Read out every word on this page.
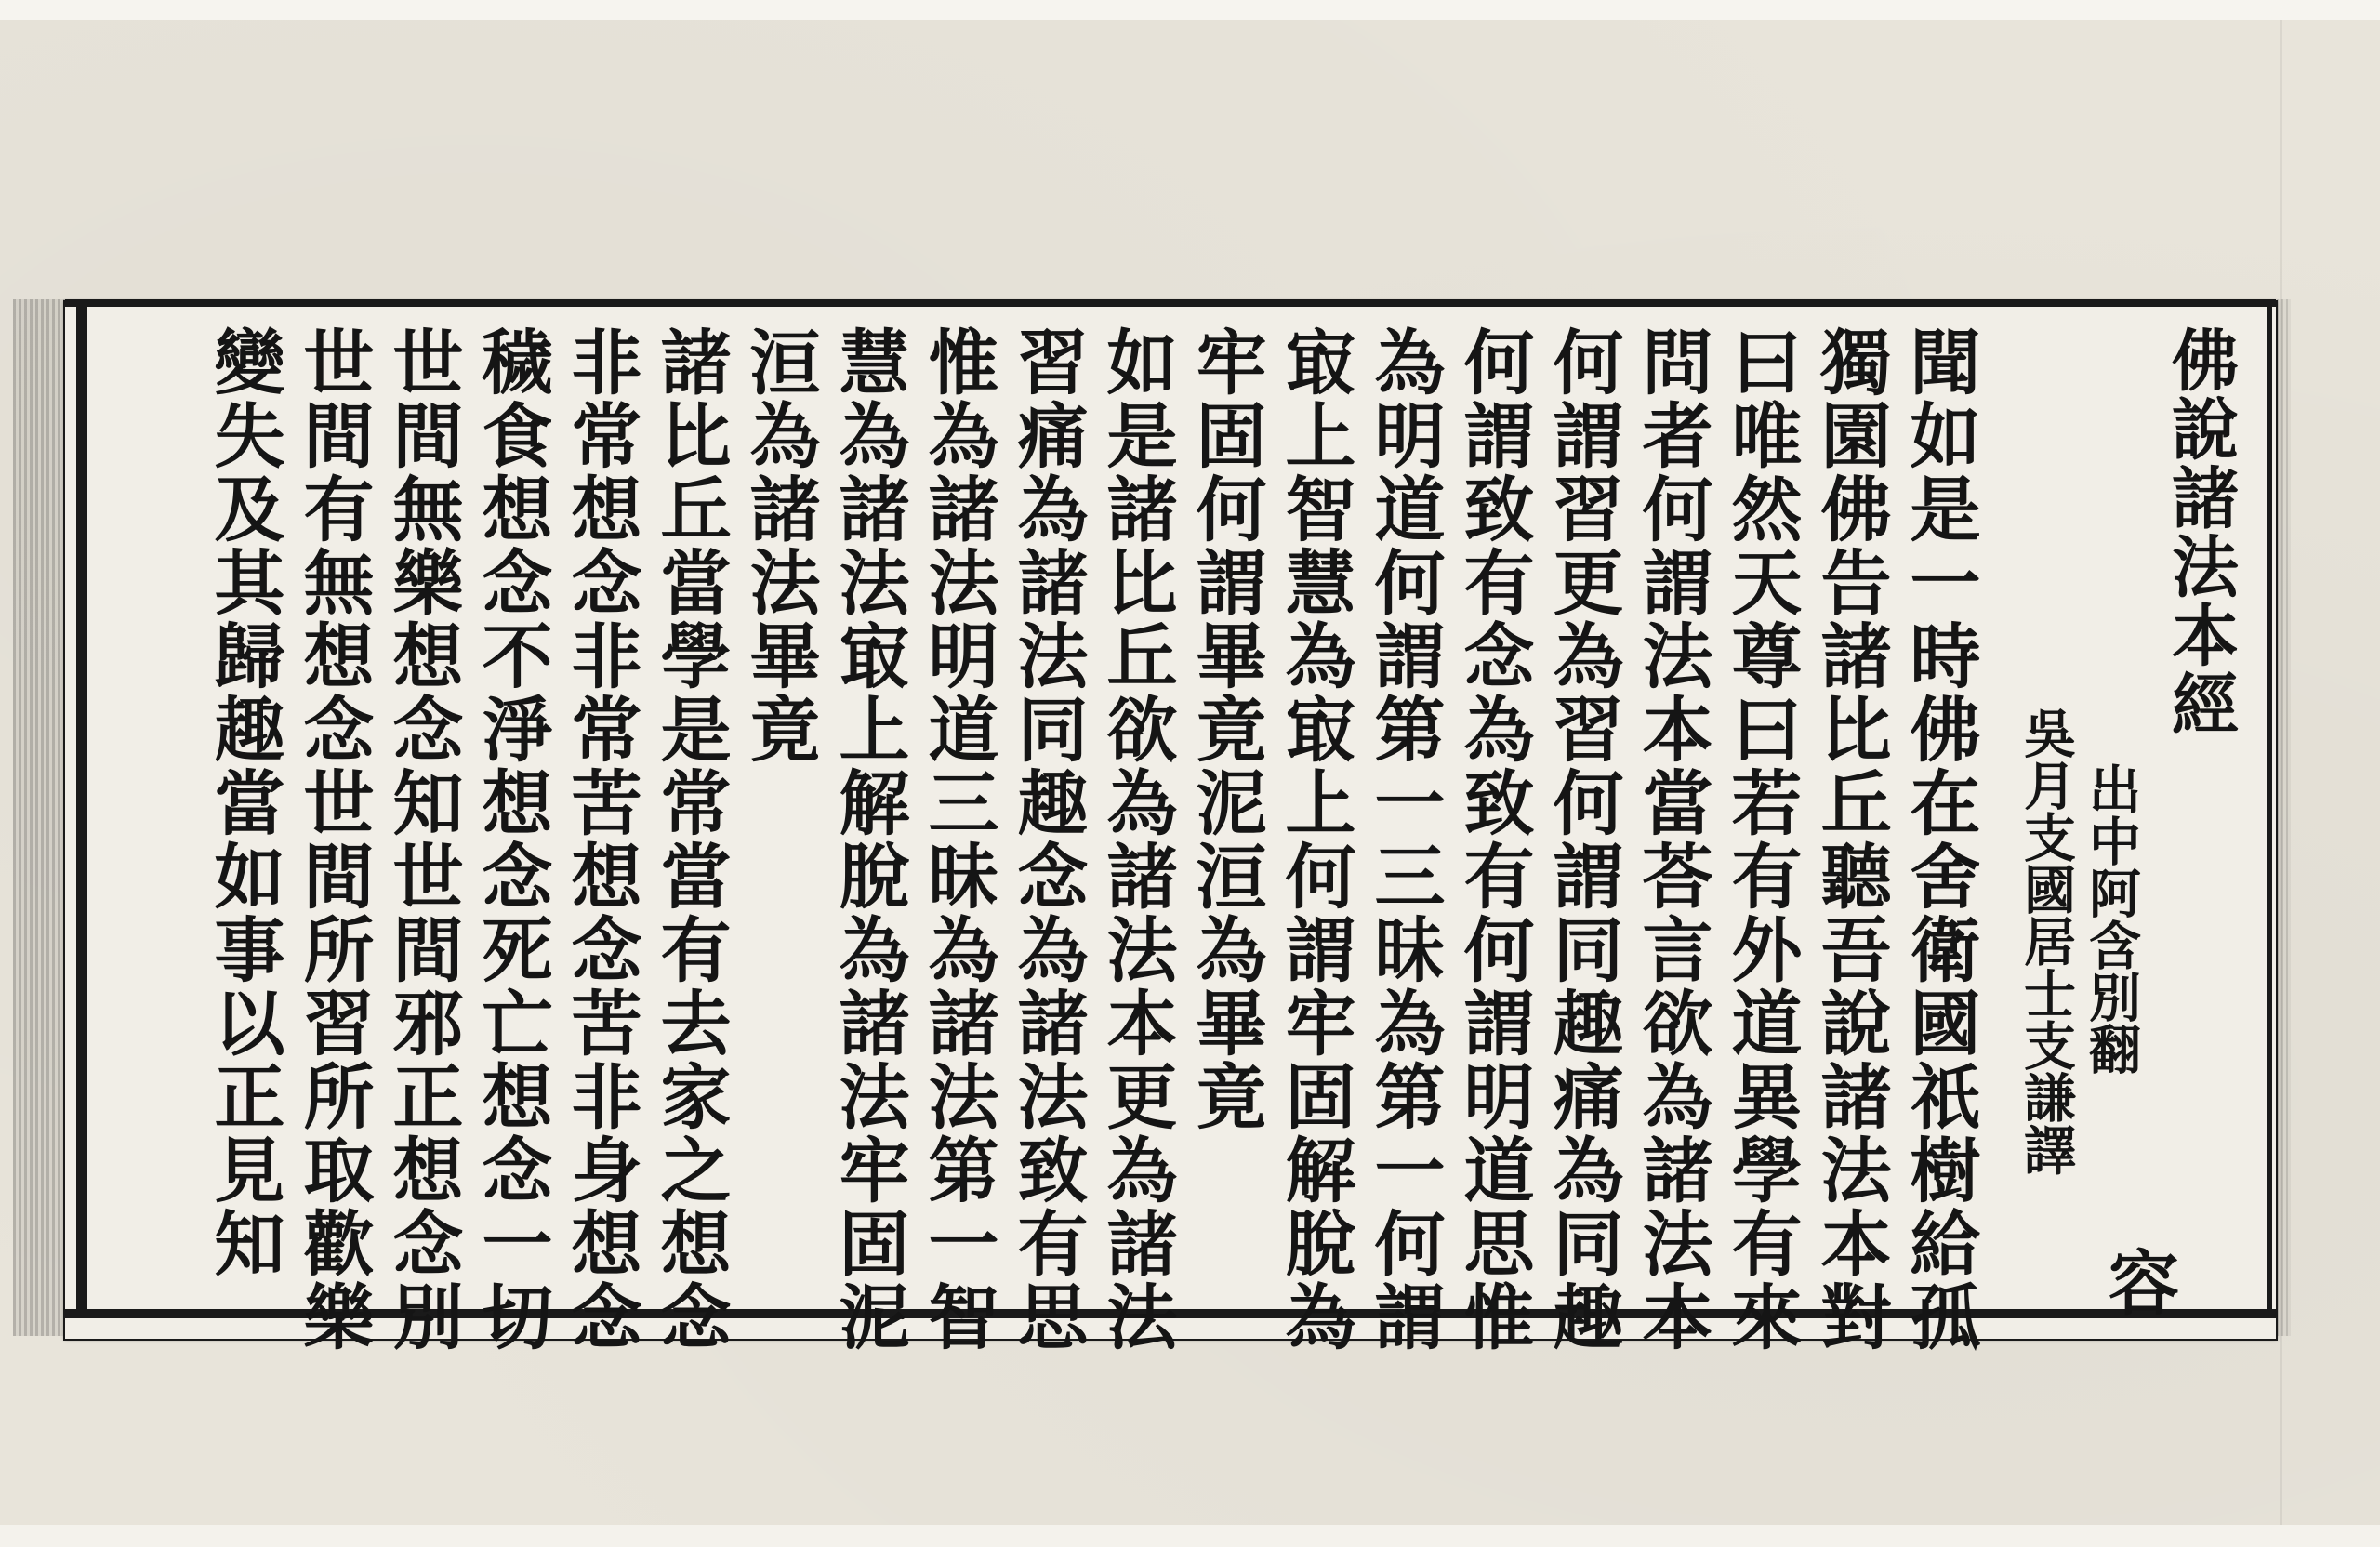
佛說諸法本經
出中阿含別翻
吳月支國居士支謙譯
容
聞如是一時佛在舍衛國祇樹給孤
獨園佛告諸比丘聽吾說諸法本對
曰唯然天尊曰若有外道異學有來
問者何謂法本當荅言欲為諸法本
何謂習更為習何謂同趣痛為同趣
何謂致有念為致有何謂明道思惟
為明道何謂第一三昧為第一何謂
㝡上智慧為㝡上何謂牢固解脫為
牢固何謂畢竟泥洹為畢竟
如是諸比丘欲為諸法本更為諸法
習痛為諸法同趣念為諸法致有思
惟為諸法明道三昧為諸法第一智
慧為諸法㝡上解脫為諸法牢固泥
洹為諸法畢竟
諸比丘當學是常當有去家之想念
非常想念非常苦想念苦非身想念
穢食想念不淨想念死亡想念一切
世間無樂想念知世間邪正想念別
世間有無想念世間所習所取歡樂
變失及其歸趣當如事以正見知
